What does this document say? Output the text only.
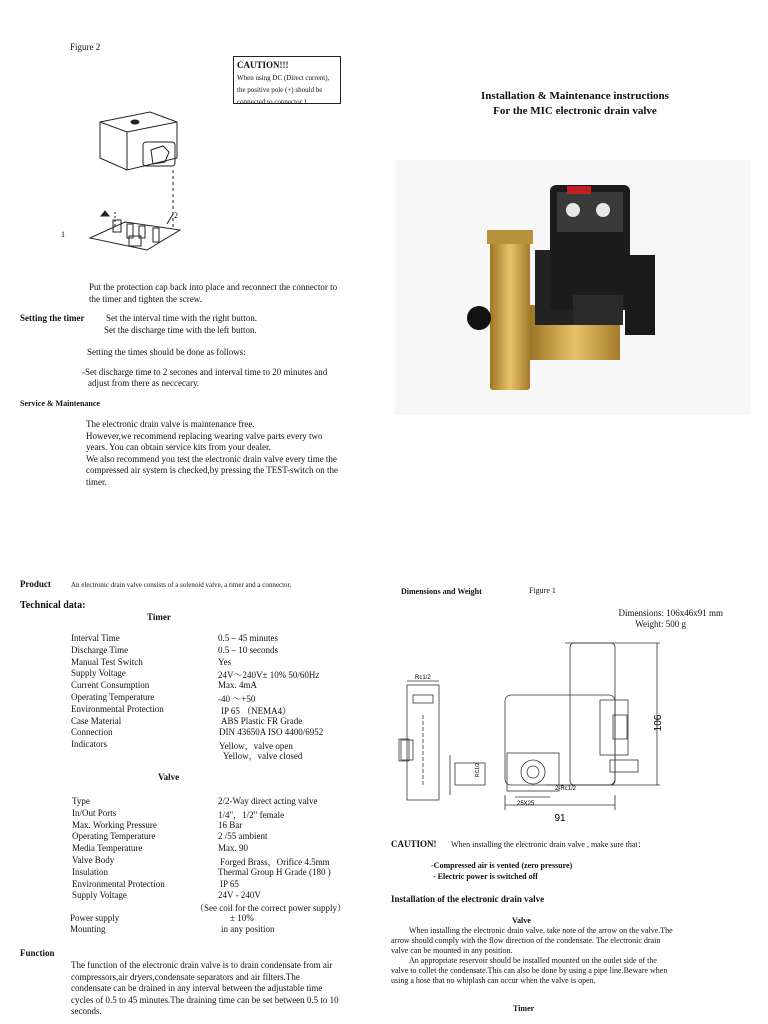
Figure 2
CAUTION!!!
When using DC (Direct current),
the positive pole (+) should be
connected to connector 1.
1
2
Put the protection cap back into place and reconnect the connector to
the timer and tighten the screw.
Setting the timer Set the interval time with the right button.
Set the discharge time with the left button.
Setting the times should be done as follows:
-Set discharge time to 2 secones and interval time to 20 minutes and
adjust from there as neccecary.
Service & Maintenance
The electronic drain valve is maintenance free.
However,we recommend replacing wearing valve parts every two
years. You can obtain service kits from your dealer.
We also recommend you test the electronic drain valve every time the
compressed air system is checked,by pressing the TEST-switch on the
timer.
Installation & Maintenance instructions
For the MIC electronic drain valve
Product	An electronic drain valve consists of a solenoid valve, a timer and a connector.
Technical data:
Timer
Interval Time	0.5 – 45 minutes
Discharge Time	0.5 – 10 seconds
Manual Test Switch	Yes
Supply Voltage	24V～240V± 10% 50/60Hz
Current Consumption	Max. 4mA
Operating Temperature	-40 ～+50
Environmental Protection	IP 65 （NEMA4）
Case Material	ABS Plastic FR Grade
Connection	DIN 43650A ISO 4400/6952
Indicators	Yellow，valve open
Yellow，valve closed
Valve
Type	2/2-Way direct acting valve
In/Out Ports	1/4"，1/2" female
Max. Working Pressure	16 Bar
Operating Temperature	2 /55 ambient
Media Temperature	Max. 90
Valve Body	Forged Brass，Orifice 4.5mm
Insulation	Thermal Group H Grade (180 )
Environmental Protection	IP 65
Supply Voltage	24V - 240V
（See coil for the correct power supply）
Power supply	± 10%
Mounting	in any position
Function
The function of the electronic drain valve is to drain condensate from air
compressors,air dryers,condensate separators and air filters.The
condensate can be drained in any interval between the adjustable time
cycles of 0.5 to 45 minutes.The draining time can be set between 0.5 to 10
seconds.
Dimensions and Weight	Figure 1
Dimensions: 106x46x91 mm
Weight: 500 g
Rc1/2
106
91
2-Rc1/2
25X25
RC1/2
CAUTION! When installing the electronic drain valve , make sure that：
-Compressed air is vented (zero pressure)
- Electric power is switched off
Installation of the electronic drain valve
Valve
When installing the electronic drain valve, take note of the arrow on the valve.The
arrow should comply with the flow direction of the condensate. The electronic drain
valve can be mounted in any position.
An appropriate reservoir should be installed mounted on the outlet side of the
valve to collet the condensate.This can also be done by using a pipe line.Beware when
using a hose that no whiplash can occur when the valve is open.
Timer
